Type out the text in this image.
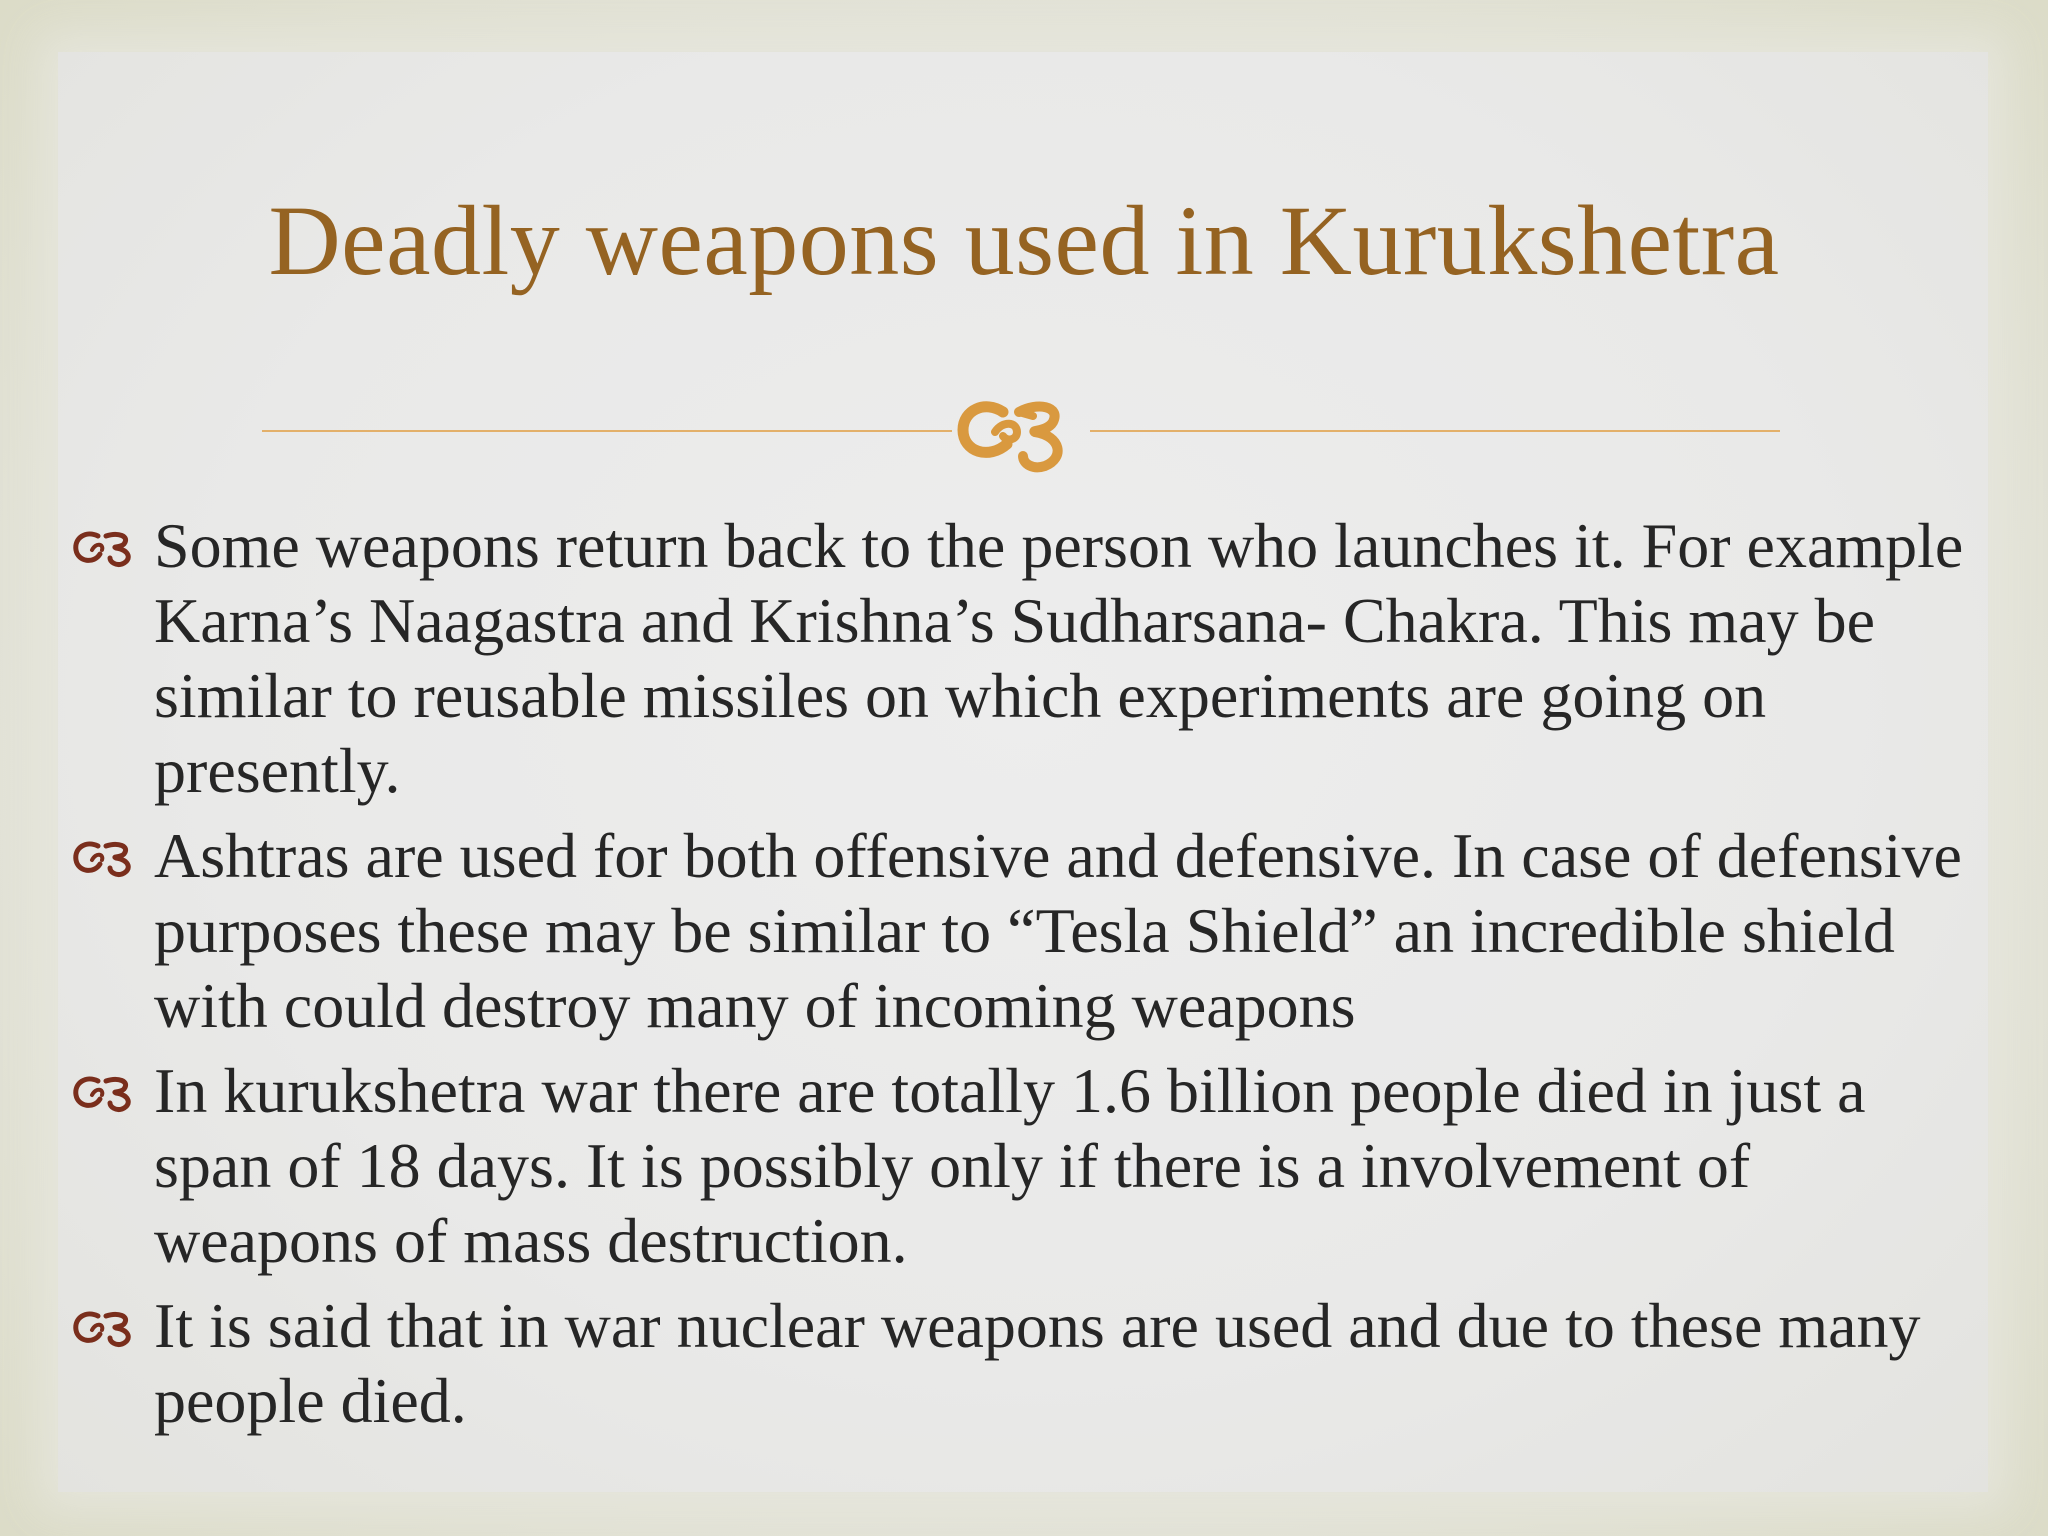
Deadly weapons used in Kurukshetra
Some weapons return back to the person who launches it. For example Karna’s Naagastra and Krishna’s Sudharsana- Chakra. This may be similar to reusable missiles on which experiments are going on presently.
Ashtras are used for both offensive and defensive. In case of defensive purposes these may be similar to “Tesla Shield” an incredible shield with could destroy many of incoming weapons
In kurukshetra war there are totally 1.6 billion people died in just a span of 18 days. It is possibly only if there is a involvement of weapons of mass destruction.
It is said that in war nuclear weapons are used and due to these many people died.
